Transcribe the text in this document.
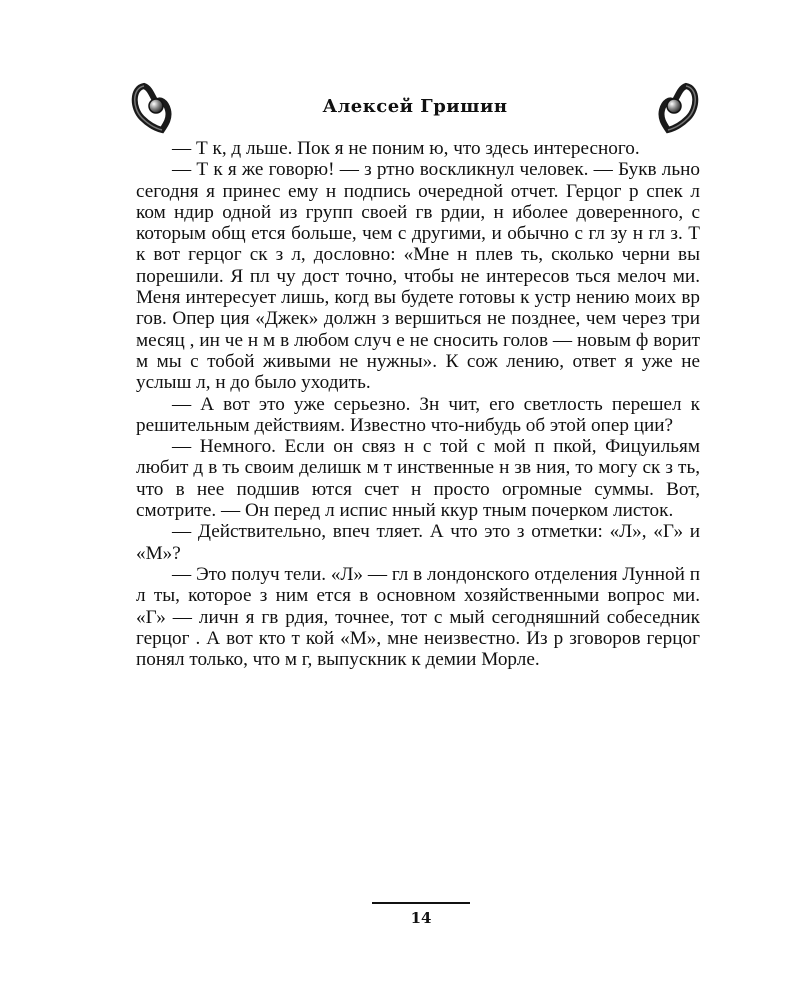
Алексей Гришин

— Т к, д льше. Пок я не поним ю, что здесь интересного.

— Т к я же говорю! — з ртно воскликнул человек. — Букв льно сегодня я принес ему н подпись очередной отчет. Герцог р спек л ком ндир одной из групп своей гв рдии, н иболее доверенного, с которым общ ется больше, чем с другими, и обычно с гл зу н гл з. Т к вот герцог ск з л, дословно: «Мне н плев ть, сколько черни вы порешили. Я пл чу дост точно, чтобы не интересов ться мелоч ми. Меня интересует лишь, когд вы будете готовы к устр нению моих вр гов. Опер ция «Джек» должн з вершиться не позднее, чем через три месяц , ин че н м в любом случ е не сносить голов — новым ф ворит м мы с тобой живыми не нужны». К сож лению, ответ я уже не услыш л, н до было уходить.

— А вот это уже серьезно. Зн чит, его светлость перешел к решительным действиям. Известно что-нибудь об этой опер ции?

— Немного. Если он связ н с той с мой п пкой, Фицуильям любит д в ть своим делишк м т инственные н зв ния, то могу ск з ть, что в нее подшив ются счет н просто огромные суммы. Вот, смотрите. — Он перед л испис нный ккур тным почерком листок.

— Действительно, впеч тляет. А что это з отметки: «Л», «Г» и «М»?

— Это получ тели. «Л» — гл в лондонского отделения Лунной п л ты, которое з ним ется в основном хозяйственными вопрос ми. «Г» — личн я гв рдия, точнее, тот с мый сегодняшний собеседник герцог . А вот кто т кой «М», мне неизвестно. Из р зговоров герцог понял только, что м г, выпускник к демии Морле.

14
